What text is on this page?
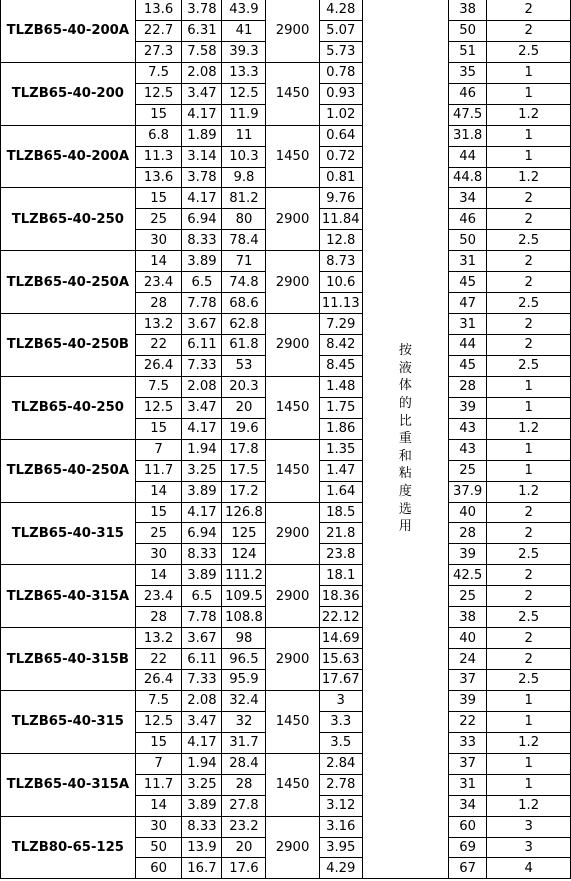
TLZB65-40-200A	13.6	3.78	43.9	2900	4.28	按液体的比重和粘度选用	38	2
	22.7	6.31	41		5.07		50	2
	27.3	7.58	39.3		5.73		51	2.5
TLZB65-40-200	7.5	2.08	13.3	1450	0.78		35	1
	12.5	3.47	12.5		0.93		46	1
	15	4.17	11.9		1.02		47.5	1.2
TLZB65-40-200A	6.8	1.89	11	1450	0.64		31.8	1
	11.3	3.14	10.3		0.72		44	1
	13.6	3.78	9.8		0.81		44.8	1.2
TLZB65-40-250	15	4.17	81.2	2900	9.76		34	2
	25	6.94	80		11.84		46	2
	30	8.33	78.4		12.8		50	2.5
TLZB65-40-250A	14	3.89	71	2900	8.73		31	2
	23.4	6.5	74.8		10.6		45	2
	28	7.78	68.6		11.13		47	2.5
TLZB65-40-250B	13.2	3.67	62.8	2900	7.29		31	2
	22	6.11	61.8		8.42		44	2
	26.4	7.33	53		8.45		45	2.5
TLZB65-40-250	7.5	2.08	20.3	1450	1.48		28	1
	12.5	3.47	20		1.75		39	1
	15	4.17	19.6		1.86		43	1.2
TLZB65-40-250A	7	1.94	17.8	1450	1.35		43	1
	11.7	3.25	17.5		1.47		25	1
	14	3.89	17.2		1.64		37.9	1.2
TLZB65-40-315	15	4.17	126.8	2900	18.5		40	2
	25	6.94	125		21.8		28	2
	30	8.33	124		23.8		39	2.5
TLZB65-40-315A	14	3.89	111.2	2900	18.1		42.5	2
	23.4	6.5	109.5		18.36		25	2
	28	7.78	108.8		22.12		38	2.5
TLZB65-40-315B	13.2	3.67	98	2900	14.69		40	2
	22	6.11	96.5		15.63		24	2
	26.4	7.33	95.9		17.67		37	2.5
TLZB65-40-315	7.5	2.08	32.4	1450	3		39	1
	12.5	3.47	32		3.3		22	1
	15	4.17	31.7		3.5		33	1.2
TLZB65-40-315A	7	1.94	28.4	1450	2.84		37	1
	11.7	3.25	28		2.78		31	1
	14	3.89	27.8		3.12		34	1.2
TLZB80-65-125	30	8.33	23.2	2900	3.16		60	3
	50	13.9	20		3.95		69	3
	60	16.7	17.6		4.29		67	4
